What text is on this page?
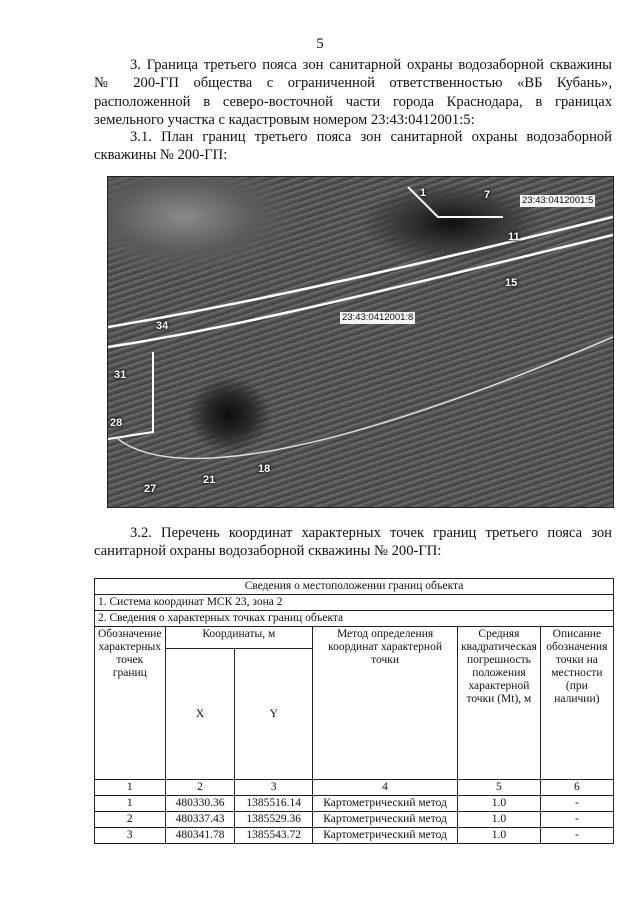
5
3. Граница третьего пояса зон санитарной охраны водозаборной скважины № 200-ГП общества с ограниченной ответственностью «ВБ Кубань», расположенной в северо-восточной части города Краснодара, в границах земельного участка с кадастровым номером 23:43:0412001:5:
3.1. План границ третьего пояса зон санитарной охраны водозаборной скважины № 200-ГП:
23:43:0412001:5
23:43:0412001:8
1	7
11
15
34
31
28
27
21
18
3.2. Перечень координат характерных точек границ третьего пояса зон санитарной охраны водозаборной скважины № 200-ГП:
Сведения о местоположении границ объекта					
1. Система координат МСК 23, зона 2					
2. Сведения о характерных точках границ объекта					
Обозначение характерных точек границ	Координаты, м		Метод определения координат характерной точки	Средняя квадратическая погрешность положения характерной точки (Mt), м	Описание обозначения точки на местности (при наличии)
	X	Y			
1	2	3	4	5	6
1	480330.36	1385516.14	Картометрический метод	1.0	-
2	480337.43	1385529.36	Картометрический метод	1.0	-
3	480341.78	1385543.72	Картометрический метод	1.0	-
